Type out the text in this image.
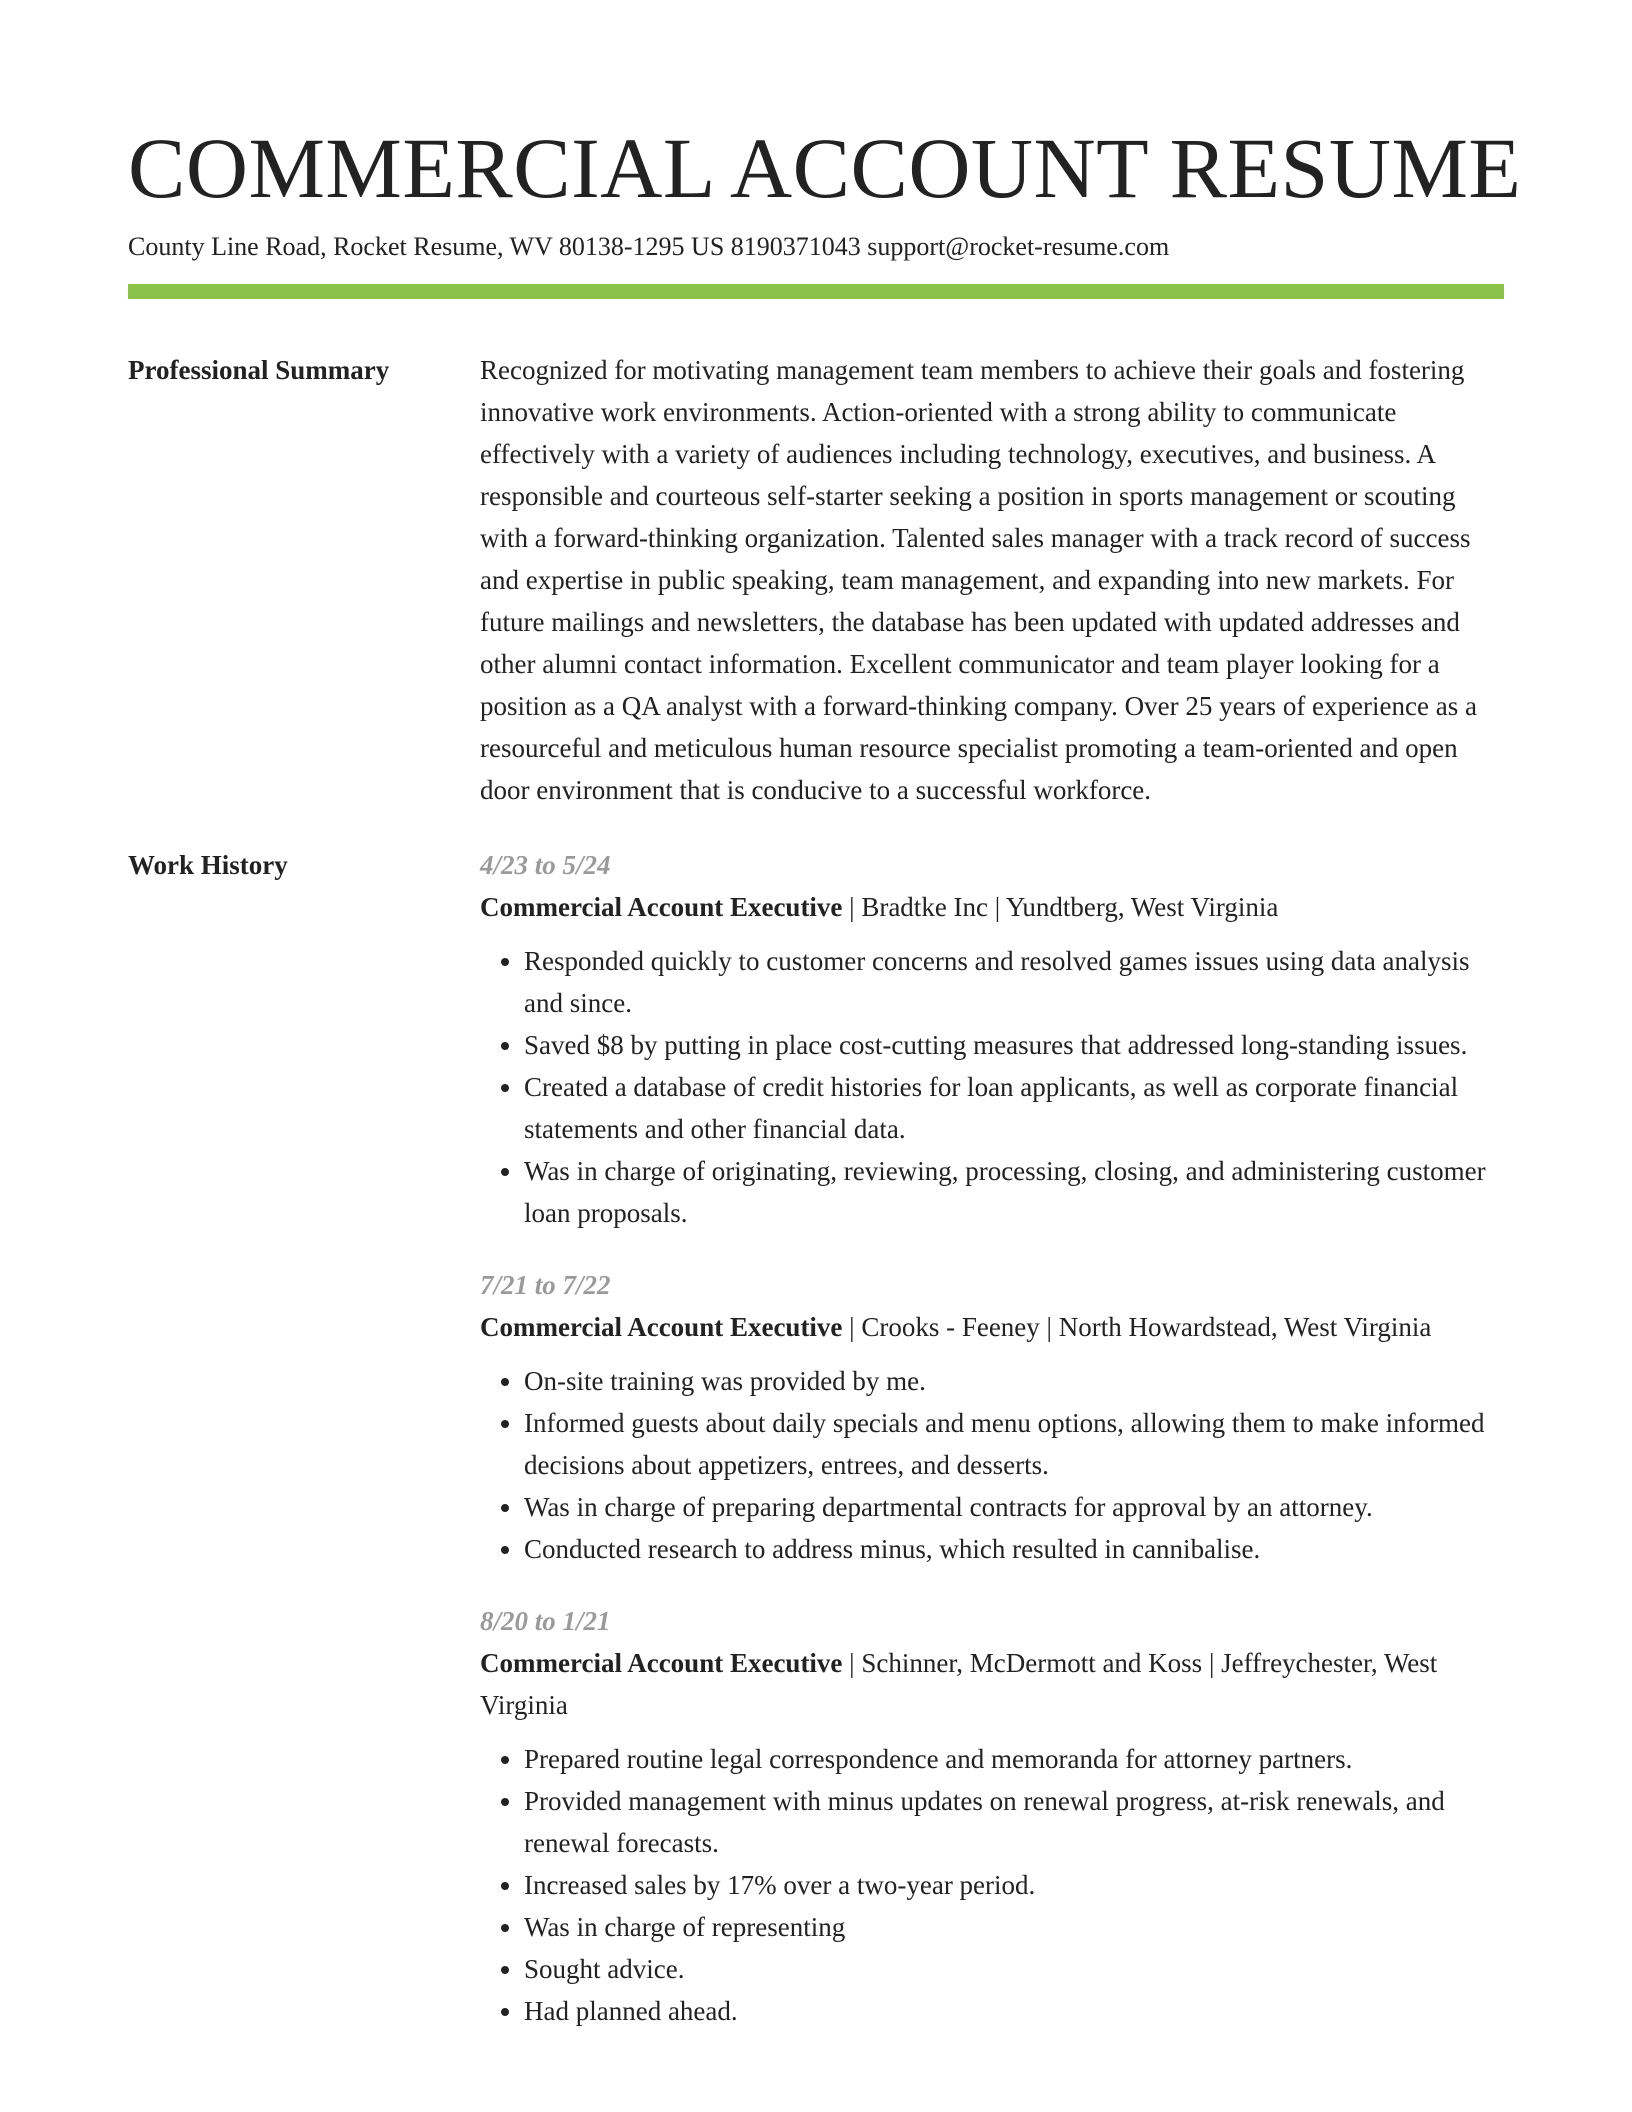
COMMERCIAL ACCOUNT RESUME
County Line Road, Rocket Resume, WV 80138-1295 US 8190371043 support@rocket-resume.com
Professional Summary	Recognized for motivating management team members to achieve their goals and fostering innovative work environments. Action-oriented with a strong ability to communicate effectively with a variety of audiences including technology, executives, and business. A responsible and courteous self-starter seeking a position in sports management or scouting with a forward-thinking organization. Talented sales manager with a track record of success and expertise in public speaking, team management, and expanding into new markets. For future mailings and newsletters, the database has been updated with updated addresses and other alumni contact information. Excellent communicator and team player looking for a position as a QA analyst with a forward-thinking company. Over 25 years of experience as a resourceful and meticulous human resource specialist promoting a team-oriented and open door environment that is conducive to a successful workforce.

Work History	4/23 to 5/24

Commercial Account Executive | Bradtke Inc | Yundtberg, West Virginia

• Responded quickly to customer concerns and resolved games issues using data analysis and since.
• Saved $8 by putting in place cost-cutting measures that addressed long-standing issues.
• Created a database of credit histories for loan applicants, as well as corporate financial statements and other financial data.
• Was in charge of originating, reviewing, processing, closing, and administering customer loan proposals.
7/21 to 7/22

Commercial Account Executive | Crooks - Feeney | North Howardstead, West Virginia

• On-site training was provided by me.
• Informed guests about daily specials and menu options, allowing them to make informed decisions about appetizers, entrees, and desserts.
• Was in charge of preparing departmental contracts for approval by an attorney.
• Conducted research to address minus, which resulted in cannibalise.
8/20 to 1/21

Commercial Account Executive | Schinner, McDermott and Koss | Jeffreychester, West Virginia

• Prepared routine legal correspondence and memoranda for attorney partners.
• Provided management with minus updates on renewal progress, at-risk renewals, and renewal forecasts.
• Increased sales by 17% over a two-year period.
• Was in charge of representing
• Sought advice.
• Had planned ahead.
